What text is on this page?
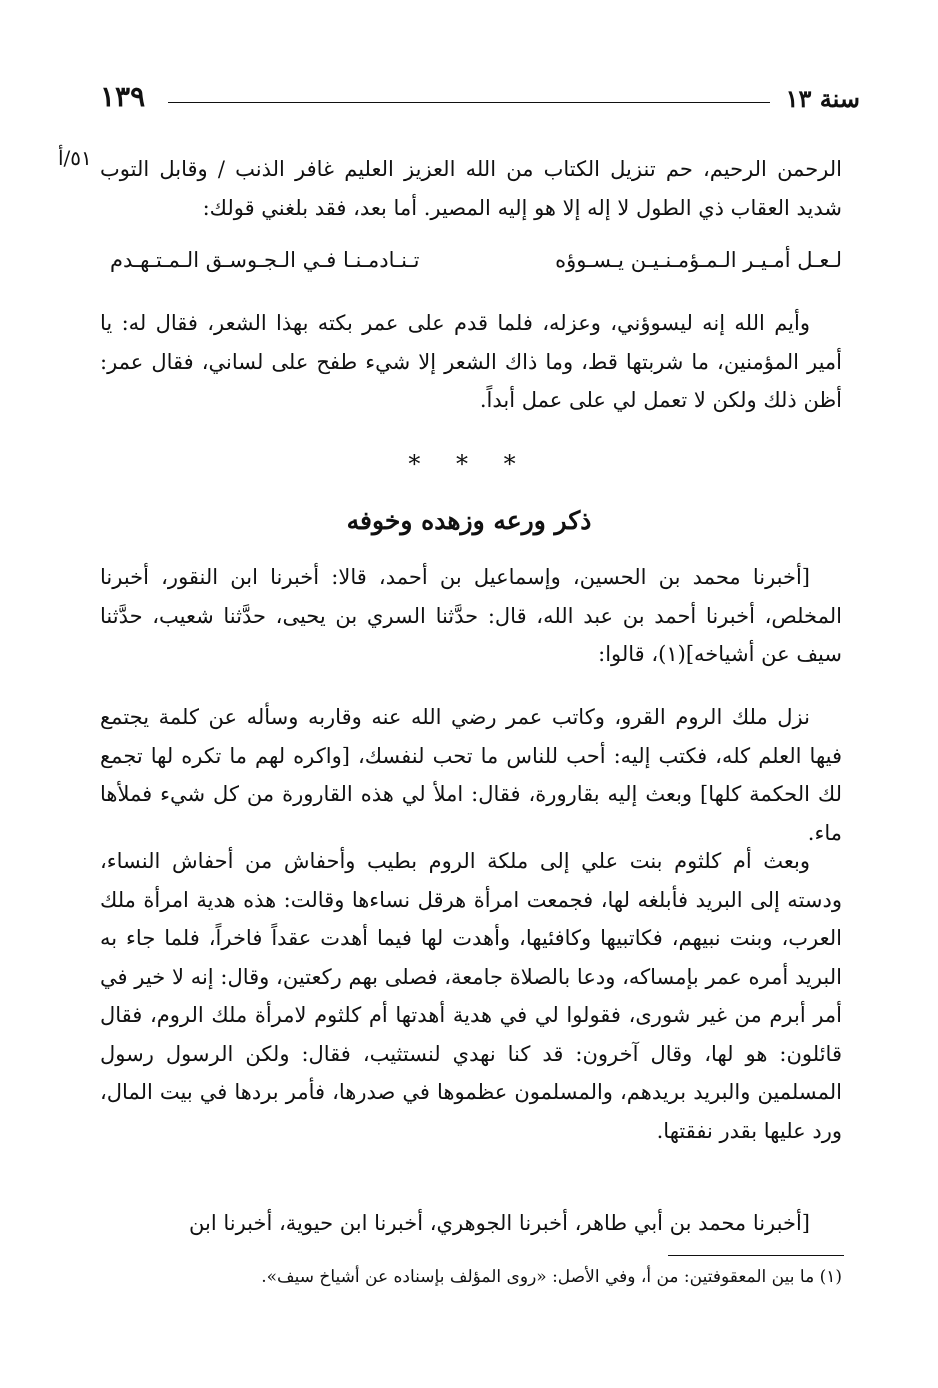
سنة ١٣
١٣٩
٥١/أ الرحمن الرحيم، حم تنزيل الكتاب من الله العزيز العليم غافر الذنب / وقابل التوب شديد العقاب ذي الطول لا إله إلا هو إليه المصير. أما بعد، فقد بلغني قولك:
لـعـل أمـيـر الـمـؤمـنـيـن يـسـوؤه
تـنـادمـنـا فـي الـجـوسـق الـمـتـهـدم
وأيم الله إنه ليسوؤني، وعزله، فلما قدم على عمر بكته بهذا الشعر، فقال له: يا أمير المؤمنين، ما شربتها قط، وما ذاك الشعر إلا شيء طفح على لساني، فقال عمر: أظن ذلك ولكن لا تعمل لي على عمل أبداً.
* * *
ذكر ورعه وزهده وخوفه
[أخبرنا محمد بن الحسين، وإسماعيل بن أحمد، قالا: أخبرنا ابن النقور، أخبرنا المخلص، أخبرنا أحمد بن عبد الله، قال: حدَّثنا السري بن يحيى، حدَّثنا شعيب، حدَّثنا سيف عن أشياخه](١)، قالوا:
نزل ملك الروم القرو، وكاتب عمر رضي الله عنه وقاربه وسأله عن كلمة يجتمع فيها العلم كله، فكتب إليه: أحب للناس ما تحب لنفسك، [واكره لهم ما تكره لها تجمع لك الحكمة كلها] وبعث إليه بقارورة، فقال: املأ لي هذه القارورة من كل شيء فملأها ماء.
وبعث أم كلثوم بنت علي إلى ملكة الروم بطيب وأحفاش من أحفاش النساء، ودسته إلى البريد فأبلغه لها، فجمعت امرأة هرقل نساءها وقالت: هذه هدية امرأة ملك العرب، وبنت نبيهم، فكاتبيها وكافئيها، وأهدت لها فيما أهدت عقداً فاخراً، فلما جاء به البريد أمره عمر بإمساكه، ودعا بالصلاة جامعة، فصلى بهم ركعتين، وقال: إنه لا خير في أمر أبرم من غير شورى، فقولوا لي في هدية أهدتها أم كلثوم لامرأة ملك الروم، فقال قائلون: هو لها، وقال آخرون: قد كنا نهدي لنستثيب، فقال: ولكن الرسول رسول المسلمين والبريد بريدهم، والمسلمون عظموها في صدرها، فأمر بردها في بيت المال، ورد عليها بقدر نفقتها.
[أخبرنا محمد بن أبي طاهر، أخبرنا الجوهري، أخبرنا ابن حيوية، أخبرنا ابن
(١) ما بين المعقوفتين: من أ، وفي الأصل: «روى المؤلف بإسناده عن أشياخ سيف».
